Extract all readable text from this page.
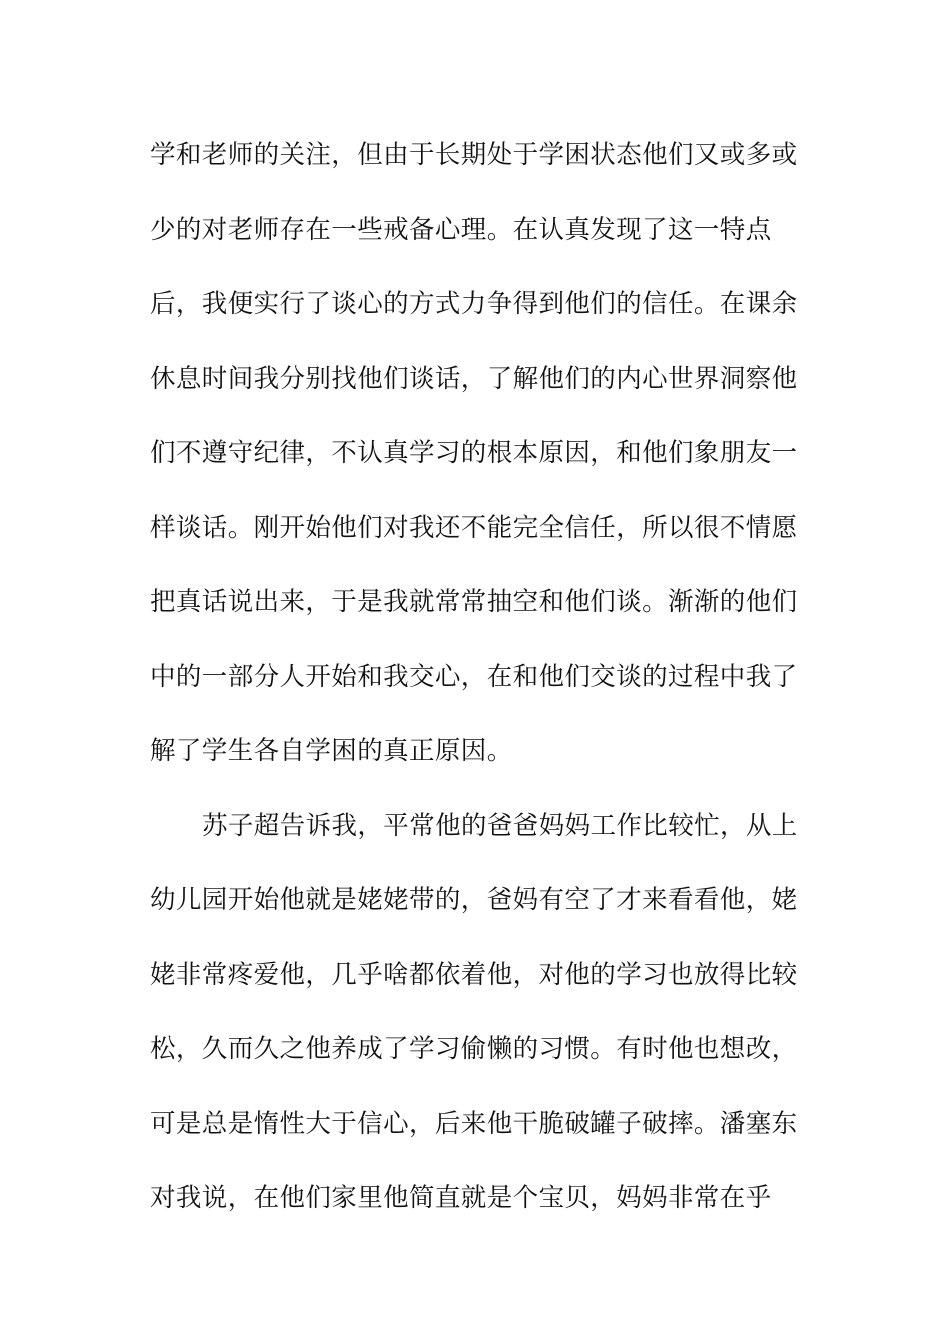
学和老师的关注，但由于长期处于学困状态他们又或多或
少的对老师存在一些戒备心理。在认真发现了这一特点
后，我便实行了谈心的方式力争得到他们的信任。在课余
休息时间我分别找他们谈话，了解他们的内心世界洞察他
们不遵守纪律，不认真学习的根本原因，和他们象朋友一
样谈话。刚开始他们对我还不能完全信任，所以很不情愿
把真话说出来，于是我就常常抽空和他们谈。渐渐的他们
中的一部分人开始和我交心，在和他们交谈的过程中我了
解了学生各自学困的真正原因。
苏子超告诉我，平常他的爸爸妈妈工作比较忙，从上
幼儿园开始他就是姥姥带的，爸妈有空了才来看看他，姥
姥非常疼爱他，几乎啥都依着他，对他的学习也放得比较
松，久而久之他养成了学习偷懒的习惯。有时他也想改，
可是总是惰性大于信心，后来他干脆破罐子破摔。潘塞东
对我说，在他们家里他简直就是个宝贝，妈妈非常在乎
